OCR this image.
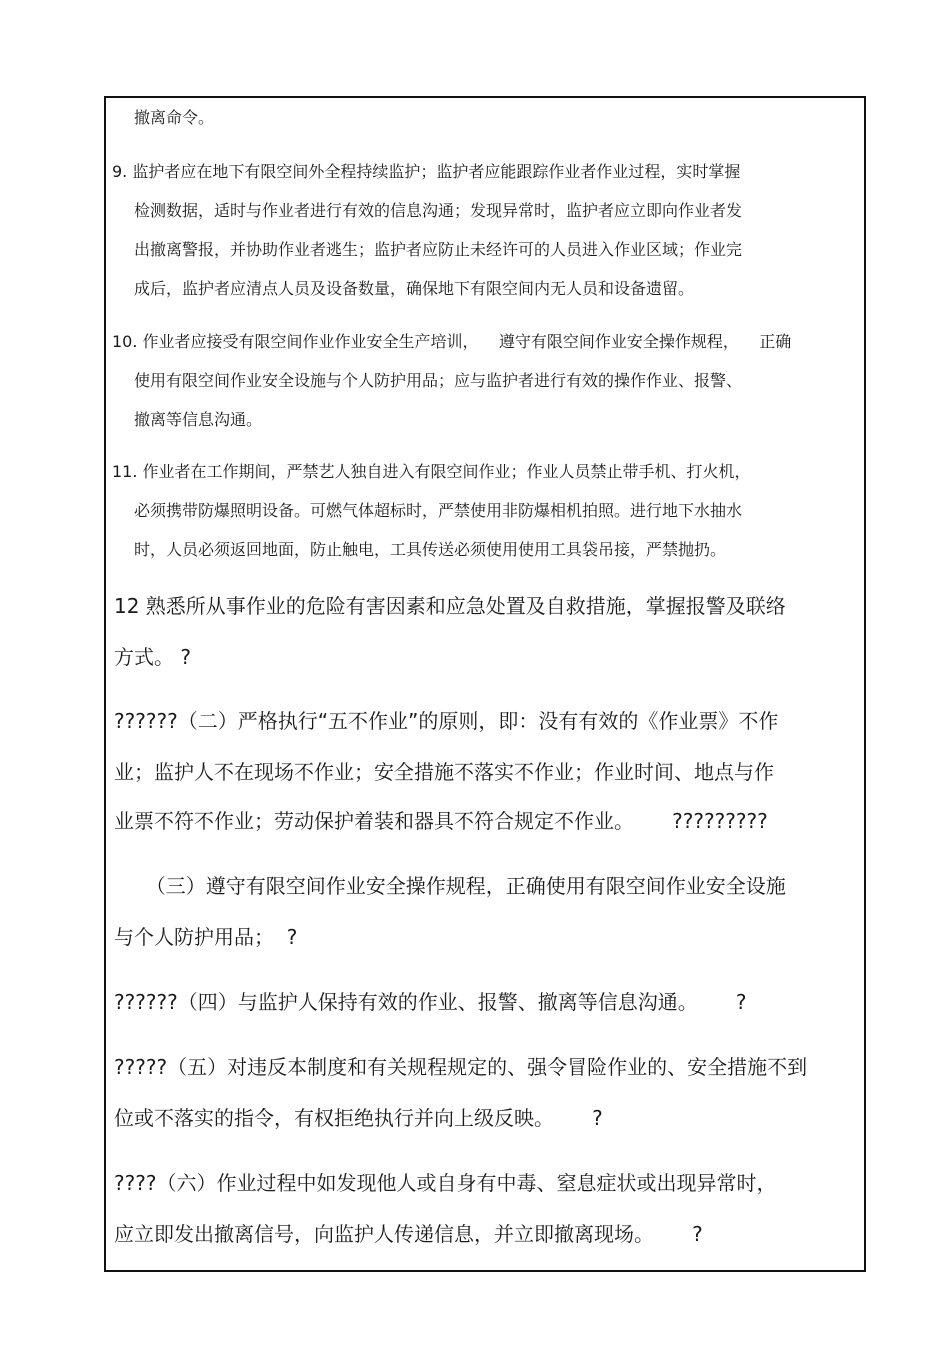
撤离命令。
9. 监护者应在地下有限空间外全程持续监护；监护者应能跟踪作业者作业过程，实时掌握
检测数据，适时与作业者进行有效的信息沟通；发现异常时，监护者应立即向作业者发
出撤离警报，并协助作业者逃生；监护者应防止未经许可的人员进入作业区域；作业完
成后，监护者应清点人员及设备数量，确保地下有限空间内无人员和设备遗留。
10. 作业者应接受有限空间作业作业安全生产培训，    遵守有限空间作业安全操作规程，    正确
使用有限空间作业安全设施与个人防护用品；应与监护者进行有效的操作作业、报警、
撤离等信息沟通。
11. 作业者在工作期间，严禁艺人独自进入有限空间作业；作业人员禁止带手机、打火机，
必须携带防爆照明设备。可燃气体超标时，严禁使用非防爆相机拍照。进行地下水抽水
时，人员必须返回地面，防止触电，工具传送必须使用使用工具袋吊接，严禁抛扔。
12 熟悉所从事作业的危险有害因素和应急处置及自救措施，掌握报警及联络
方式。 ?
??????（二）严格执行“五不作业”的原则，即：没有有效的《作业票》不作
业；监护人不在现场不作业；安全措施不落实不作业；作业时间、地点与作
业票不符不作业；劳动保护着装和器具不符合规定不作业。      ?????????
（三）遵守有限空间作业安全操作规程，正确使用有限空间作业安全设施
与个人防护用品；  ?
??????（四）与监护人保持有效的作业、报警、撤离等信息沟通。      ?
?????（五）对违反本制度和有关规程规定的、强令冒险作业的、安全措施不到
位或不落实的指令，有权拒绝执行并向上级反映。      ?
????（六）作业过程中如发现他人或自身有中毒、窒息症状或出现异常时，
应立即发出撤离信号，向监护人传递信息，并立即撤离现场。      ?
